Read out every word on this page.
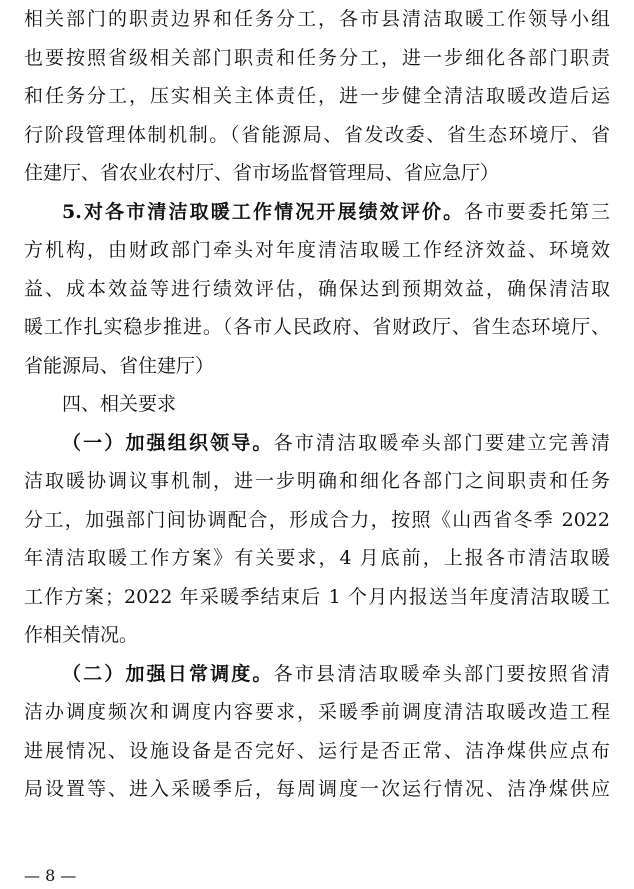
相关部门的职责边界和任务分工，各市县清洁取暖工作领导小组
也要按照省级相关部门职责和任务分工，进一步细化各部门职责
和任务分工，压实相关主体责任，进一步健全清洁取暖改造后运
行阶段管理体制机制。（省能源局、省发改委、省生态环境厅、省
住建厅、省农业农村厅、省市场监督管理局、省应急厅）
5.对各市清洁取暖工作情况开展绩效评价。各市要委托第三
方机构，由财政部门牵头对年度清洁取暖工作经济效益、环境效
益、成本效益等进行绩效评估，确保达到预期效益，确保清洁取
暖工作扎实稳步推进。（各市人民政府、省财政厅、省生态环境厅、
省能源局、省住建厅）
四、相关要求
（一）加强组织领导。各市清洁取暖牵头部门要建立完善清
洁取暖协调议事机制，进一步明确和细化各部门之间职责和任务
分工，加强部门间协调配合，形成合力，按照《山西省冬季 2022
年清洁取暖工作方案》有关要求，4 月底前，上报各市清洁取暖
工作方案；2022 年采暖季结束后 1 个月内报送当年度清洁取暖工
作相关情况。
（二）加强日常调度。各市县清洁取暖牵头部门要按照省清
洁办调度频次和调度内容要求，采暖季前调度清洁取暖改造工程
进展情况、设施设备是否完好、运行是否正常、洁净煤供应点布
局设置等、进入采暖季后，每周调度一次运行情况、洁净煤供应
— 8 —
